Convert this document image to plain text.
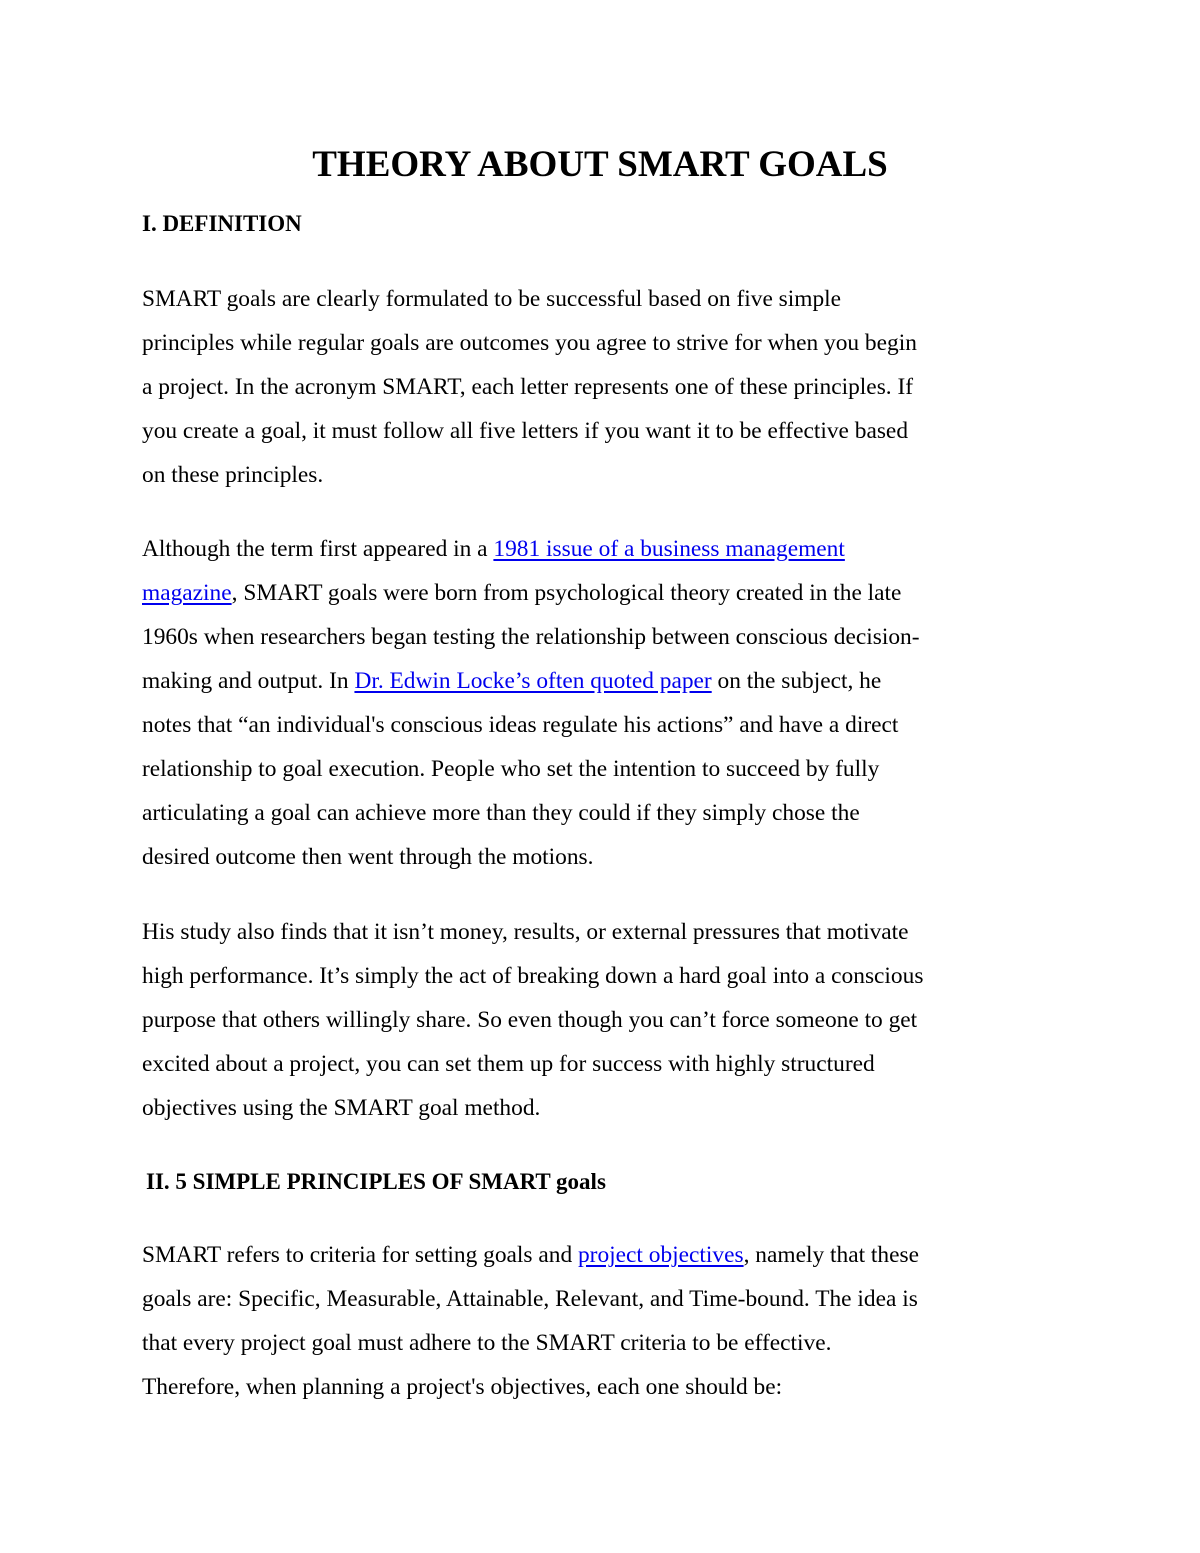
THEORY ABOUT SMART GOALS
I. DEFINITION

SMART goals are clearly formulated to be successful based on five simple
principles while regular goals are outcomes you agree to strive for when you begin
a project. In the acronym SMART, each letter represents one of these principles. If
you create a goal, it must follow all five letters if you want it to be effective based
on these principles.

Although the term first appeared in a 1981 issue of a business management
magazine, SMART goals were born from psychological theory created in the late
1960s when researchers began testing the relationship between conscious decision-
making and output. In Dr. Edwin Locke’s often quoted paper on the subject, he
notes that “an individual's conscious ideas regulate his actions” and have a direct
relationship to goal execution. People who set the intention to succeed by fully
articulating a goal can achieve more than they could if they simply chose the
desired outcome then went through the motions.

His study also finds that it isn’t money, results, or external pressures that motivate
high performance. It’s simply the act of breaking down a hard goal into a conscious
purpose that others willingly share. So even though you can’t force someone to get
excited about a project, you can set them up for success with highly structured
objectives using the SMART goal method.

II. 5 SIMPLE PRINCIPLES OF SMART goals

SMART refers to criteria for setting goals and project objectives, namely that these
goals are: Specific, Measurable, Attainable, Relevant, and Time-bound. The idea is
that every project goal must adhere to the SMART criteria to be effective.
Therefore, when planning a project's objectives, each one should be:
